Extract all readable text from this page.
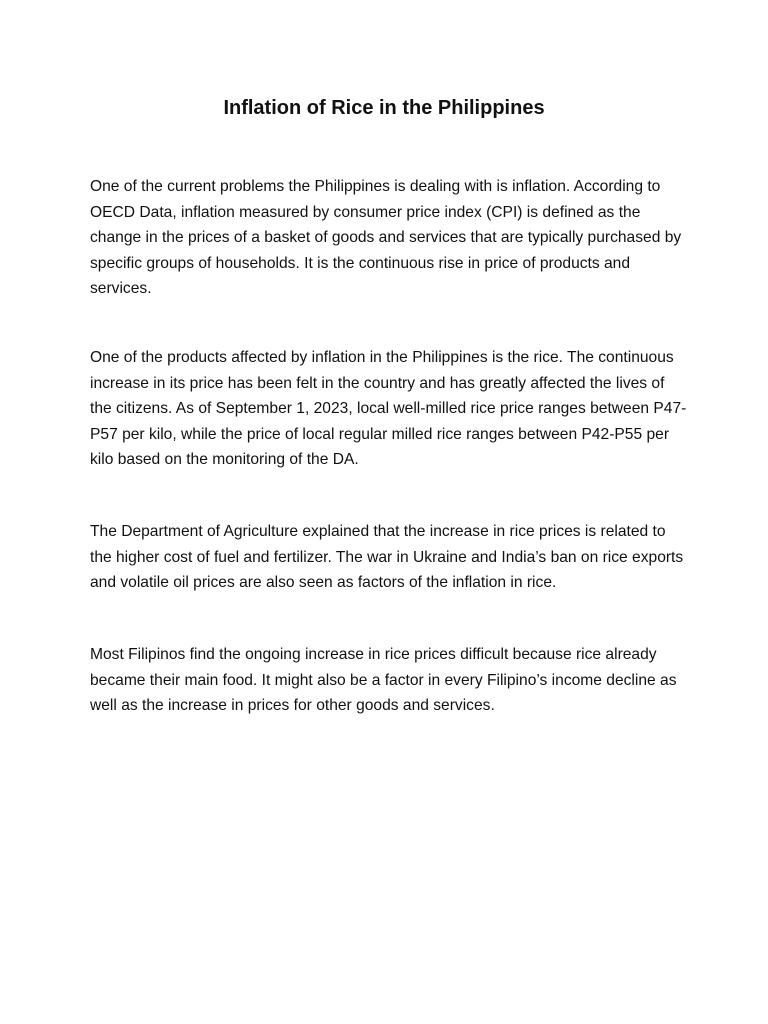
Inflation of Rice in the Philippines

One of the current problems the Philippines is dealing with is inflation. According to OECD Data, inflation measured by consumer price index (CPI) is defined as the change in the prices of a basket of goods and services that are typically purchased by specific groups of households. It is the continuous rise in price of products and services.

One of the products affected by inflation in the Philippines is the rice. The continuous increase in its price has been felt in the country and has greatly affected the lives of the citizens. As of September 1, 2023, local well-milled rice price ranges between P47-P57 per kilo, while the price of local regular milled rice ranges between P42-P55 per kilo based on the monitoring of the DA.

The Department of Agriculture explained that the increase in rice prices is related to the higher cost of fuel and fertilizer. The war in Ukraine and India’s ban on rice exports and volatile oil prices are also seen as factors of the inflation in rice.

Most Filipinos find the ongoing increase in rice prices difficult because rice already became their main food. It might also be a factor in every Filipino’s income decline as well as the increase in prices for other goods and services.
